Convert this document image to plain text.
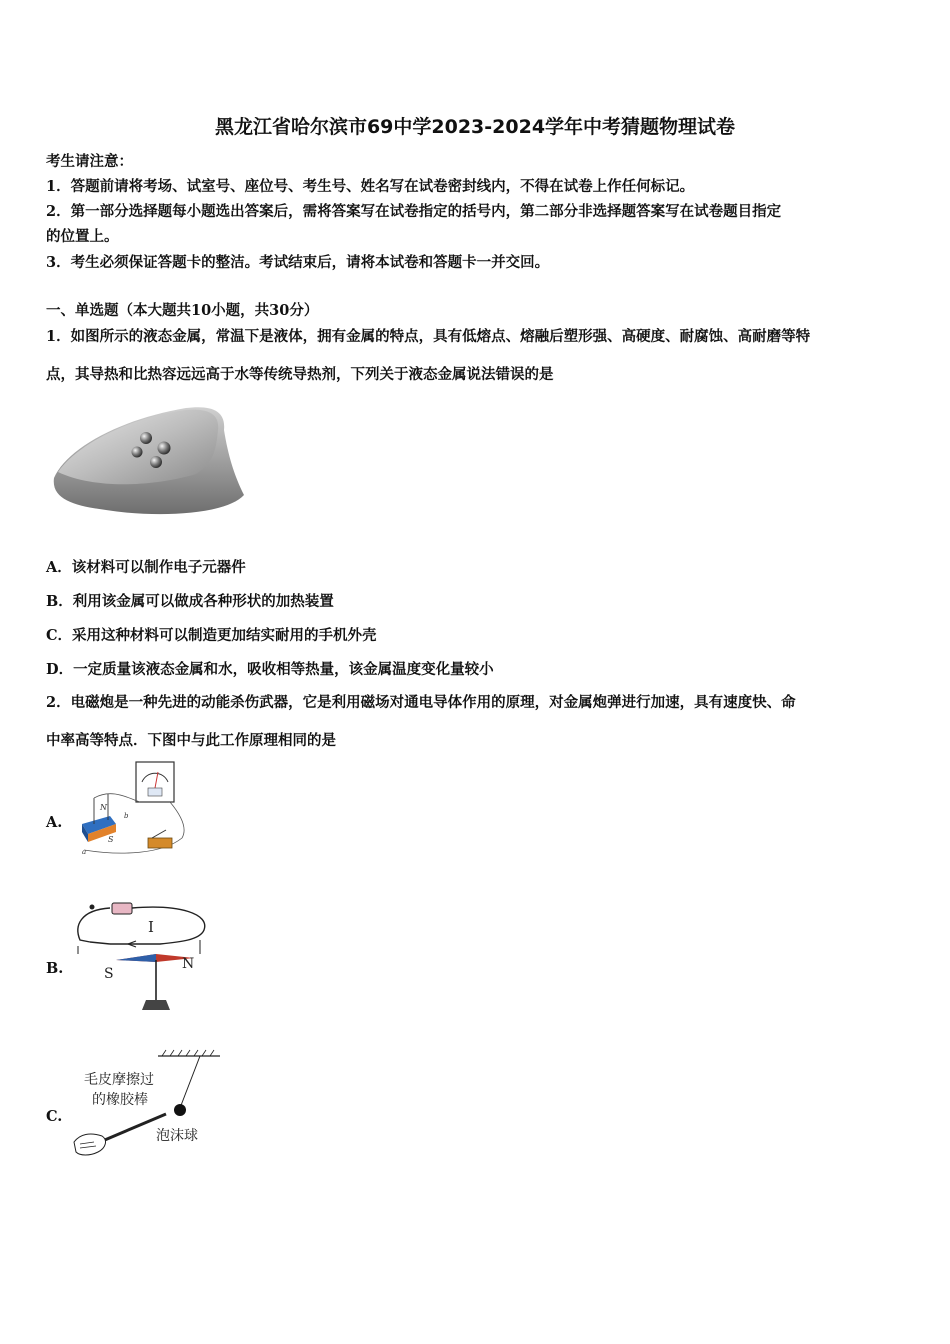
黑龙江省哈尔滨市69中学2023-2024学年中考猜题物理试卷
考生请注意：
1．答题前请将考场、试室号、座位号、考生号、姓名写在试卷密封线内，不得在试卷上作任何标记。
2．第一部分选择题每小题选出答案后，需将答案写在试卷指定的括号内，第二部分非选择题答案写在试卷题目指定
的位置上。
3．考生必须保证答题卡的整洁。考试结束后，请将本试卷和答题卡一并交回。
一、单选题（本大题共10小题，共30分）
1．如图所示的液态金属，常温下是液体，拥有金属的特点，具有低熔点、熔融后塑形强、高硬度、耐腐蚀、高耐磨等特
点，其导热和比热容远远高于水等传统导热剂，下列关于液态金属说法错误的是
A．该材料可以制作电子元器件
B．利用该金属可以做成各种形状的加热装置
C．采用这种材料可以制造更加结实耐用的手机外壳
D．一定质量该液态金属和水，吸收相等热量，该金属温度变化量较小
2．电磁炮是一种先进的动能杀伤武器，它是利用磁场对通电导体作用的原理，对金属炮弹进行加速，具有速度快、命
中率高等特点．下图中与此工作原理相同的是
A.
N
S
b
a
B.
I
S
N
C.
毛皮摩擦过
的橡胶棒
泡沫球
